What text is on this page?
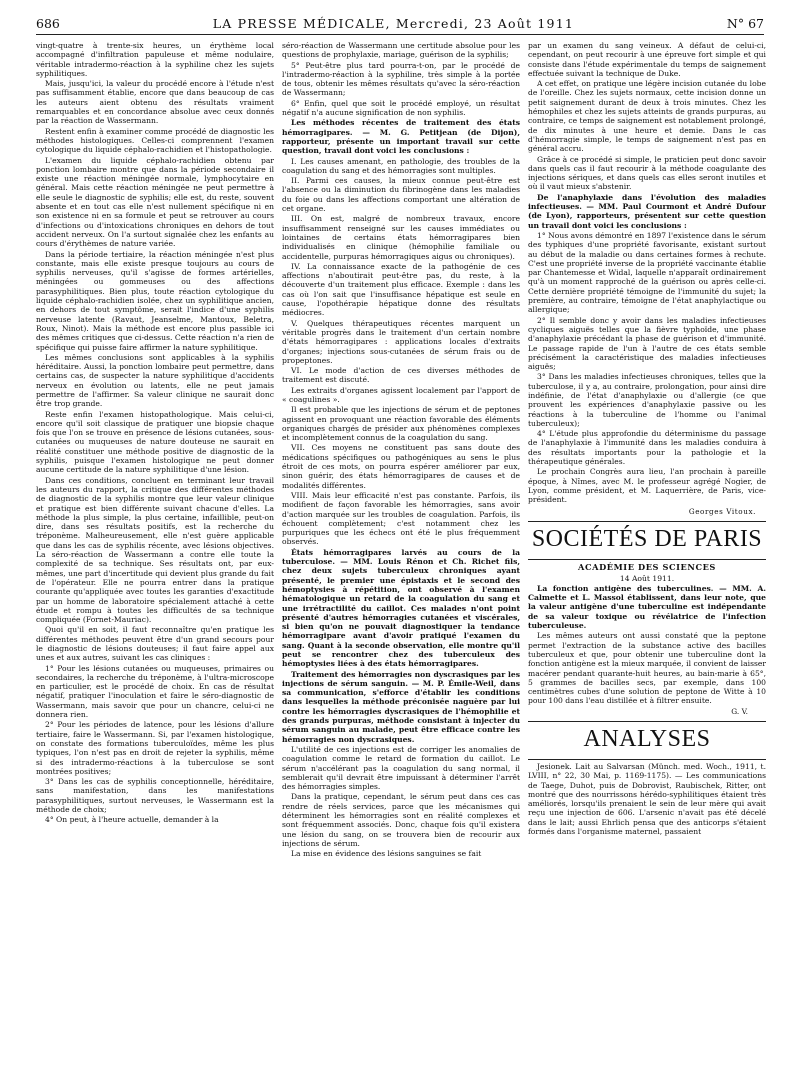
686	LA PRESSE MÉDICALE, Mercredi, 23 Août 1911	N° 67

vingt-quatre à trente-six heures, un érythème local accompagné d'infiltration papuleuse et même nodulaire, véritable intradermo-réaction à la syphiline chez les sujets syphilitiques.

Mais, jusqu'ici, la valeur du procédé encore à l'étude n'est pas suffisamment établie, encore que dans beaucoup de cas les auteurs aient obtenu des résultats vraiment remarquables et en concordance absolue avec ceux donnés par la réaction de Wassermann.

Restent enfin à examiner comme procédé de diagnostic les méthodes histologiques. Celles-ci comprennent l'examen cytologique du liquide céphalo-rachidien et l'histopathologie.

L'examen du liquide céphalo-rachidien obtenu par ponction lombaire montre que dans la période secondaire il existe une réaction méningée normale, lymphocytaire en général. Mais cette réaction méningée ne peut permettre à elle seule le diagnostic de syphilis; elle est, du reste, souvent absente et en tout cas elle n'est nullement spécifique ni en son existence ni en sa formule et peut se retrouver au cours d'infections ou d'intoxications chroniques en dehors de tout accident nerveux. On l'a surtout signalée chez les enfants au cours d'érythèmes de nature variée.

Dans la période tertiaire, la réaction méningée n'est plus constante, mais elle existe presque toujours au cours de syphilis nerveuses, qu'il s'agisse de formes artérielles, méningées ou gommeuses ou des affections parasyphilitiques. Bien plus, toute réaction cytologique du liquide céphalo-rachidien isolée, chez un syphilitique ancien, en dehors de tout symptôme, serait l'indice d'une syphilis nerveuse latente (Ravaut, Jeanselme, Mantoux, Beletra, Roux, Ninot). Mais la méthode est encore plus passible ici des mêmes critiques que ci-dessus. Cette réaction n'a rien de spécifique qui puisse faire affirmer la nature syphilitique.

Les mêmes conclusions sont applicables à la syphilis héréditaire. Aussi, la ponction lombaire peut permettre, dans certains cas, de suspecter la nature syphilitique d'accidents nerveux en évolution ou latents, elle ne peut jamais permettre de l'affirmer. Sa valeur clinique ne saurait donc être trop grande.

Reste enfin l'examen histopathologique. Mais celui-ci, encore qu'il soit classique de pratiquer une biopsie chaque fois que l'on se trouve en présence de lésions cutanées, sous-cutanées ou muqueuses de nature douteuse ne saurait en réalité constituer une méthode positive de diagnostic de la syphilis, puisque l'examen histologique ne peut donner aucune certitude de la nature syphilitique d'une lésion.

Dans ces conditions, concluent en terminant leur travail les auteurs du rapport, la critique des différentes méthodes de diagnostic de la syphilis montre que leur valeur clinique et pratique est bien différente suivant chacune d'elles. La méthode la plus simple, la plus certaine, infaillible, peut-on dire, dans ses résultats positifs, est la recherche du tréponème. Malheureusement, elle n'est guère applicable que dans les cas de syphilis récente, avec lésions objectives. La séro-réaction de Wassermann a contre elle toute la complexité de sa technique. Ses résultats ont, par eux-mêmes, une part d'incertitude qui devient plus grande du fait de l'opérateur. Elle ne pourra entrer dans la pratique courante qu'appliquée avec toutes les garanties d'exactitude par un homme de laboratoire spécialement attaché à cette étude et rompu à toutes les difficultés de sa technique compliquée (Fornet-Mauriac).

Quoi qu'il en soit, il faut reconnaître qu'en pratique les différentes méthodes peuvent être d'un grand secours pour le diagnostic de lésions douteuses; il faut faire appel aux unes et aux autres, suivant les cas cliniques :

1° Pour les lésions cutanées ou muqueuses, primaires ou secondaires, la recherche du tréponème, à l'ultra-microscope en particulier, est le procédé de choix. En cas de résultat négatif, pratiquer l'inoculation et faire le séro-diagnostic de Wassermann, mais savoir que pour un chancre, celui-ci ne donnera rien.

2° Pour les périodes de latence, pour les lésions d'allure tertiaire, faire le Wassermann. Si, par l'examen histologique, on constate des formations tuberculoïdes, même les plus typiques, l'on n'est pas en droit de rejeter la syphilis, même si des intradermo-réactions à la tuberculose se sont montrées positives;

3° Dans les cas de syphilis conceptionnelle, héréditaire, sans manifestation, dans les manifestations parasyphilitiques, surtout nerveuses, le Wassermann est la méthode de choix;

4° On peut, à l'heure actuelle, demander à la

séro-réaction de Wassermann une certitude absolue pour les questions de prophylaxie, mariage, guérison de la syphilis;

5° Peut-être plus tard pourra-t-on, par le procédé de l'intradermo-réaction à la syphiline, très simple à la portée de tous, obtenir les mêmes résultats qu'avec la séro-réaction de Wassermann;

6° Enfin, quel que soit le procédé employé, un résultat négatif n'a aucune signification de non syphilis.

Les méthodes récentes de traitement des états hémorragipares. — M. G. Petitjean (de Dijon), rapporteur, présente un important travail sur cette question, travail dont voici les conclusions :

I. Les causes amenant, en pathologie, des troubles de la coagulation du sang et des hémorragies sont multiples.

II. Parmi ces causes, la mieux connue peut-être est l'absence ou la diminution du fibrinogène dans les maladies du foie ou dans les affections comportant une altération de cet organe.

III. On est, malgré de nombreux travaux, encore insuffisamment renseigné sur les causes immédiates ou lointaines de certains états hémorragipares bien individualisés en clinique (hémophilie familiale ou accidentelle, purpuras hémorragiques aigus ou chroniques).

IV. La connaissance exacte de la pathogénie de ces affections n'aboutirait peut-être pas, du reste, à la découverte d'un traitement plus efficace. Exemple : dans les cas où l'on sait que l'insuffisance hépatique est seule en cause, l'opothérapie hépatique donne des résultats médiocres.

V. Quelques thérapeutiques récentes marquent un véritable progrès dans le traitement d'un certain nombre d'états hémorragipares : applications locales d'extraits d'organes; injections sous-cutanées de sérum frais ou de propeptones.

VI. Le mode d'action de ces diverses méthodes de traitement est discuté.

Les extraits d'organes agissent localement par l'apport de « coagulines ».

Il est probable que les injections de sérum et de peptones agissent en provoquant une réaction favorable des éléments organiques chargés de présider aux phénomènes complexes et incomplètement connus de la coagulation du sang.

VII. Ces moyens ne constituent pas sans doute des médications spécifiques ou pathogéniques au sens le plus étroit de ces mots, on pourra espérer améliorer par eux, sinon guérir, des états hémorragipares de causes et de modalités différentes.

VIII. Mais leur efficacité n'est pas constante. Parfois, ils modifient de façon favorable les hémorragies, sans avoir d'action marquée sur les troubles de coagulation. Parfois, ils échouent complètement; c'est notamment chez les purpuriques que les échecs ont été le plus fréquemment observés.

États hémorragipares larvés au cours de la tuberculose. — MM. Louis Rénon et Ch. Richet fils, chez deux sujets tuberculeux chroniques ayant présenté, le premier une épistaxis et le second des hémoptysies à répétition, ont observé à l'examen hématologique un retard de la coagulation du sang et une irrétractilité du caillot. Ces malades n'ont point présenté d'autres hémorragies cutanées et viscérales, si bien qu'on ne pouvait diagnostiquer la tendance hémorragipare avant d'avoir pratiqué l'examen du sang. Quant à la seconde observation, elle montre qu'il peut se rencontrer chez des tuberculeux des hémoptysies liées à des états hémorragipares.

Traitement des hémorragies non dyscrasiques par les injections de sérum sanguin. — M. P. Émile-Weil, dans sa communication, s'efforce d'établir les conditions dans lesquelles la méthode préconisée naguère par lui contre les hémorragies dyscrasiques de l'hémophilie et des grands purpuras, méthode consistant à injecter du sérum sanguin au malade, peut être efficace contre les hémorragies non dyscrasiques.

L'utilité de ces injections est de corriger les anomalies de coagulation comme le retard de formation du caillot. Le sérum n'accélérant pas la coagulation du sang normal, il semblerait qu'il devrait être impuissant à déterminer l'arrêt des hémorragies simples.

Dans la pratique, cependant, le sérum peut dans ces cas rendre de réels services, parce que les mécanismes qui déterminent les hémorragies sont en réalité complexes et sont fréquemment associés. Donc, chaque fois qu'il existera une lésion du sang, on se trouvera bien de recourir aux injections de sérum.

La mise en évidence des lésions sanguines se fait

par un examen du sang veineux. A défaut de celui-ci, cependant, on peut recourir à une épreuve fort simple et qui consiste dans l'étude expérimentale du temps de saignement effectuée suivant la technique de Duke.

A cet effet, on pratique une légère incision cutanée du lobe de l'oreille. Chez les sujets normaux, cette incision donne un petit saignement durant de deux à trois minutes. Chez les hémophiles et chez les sujets atteints de grands purpuras, au contraire, ce temps de saignement est notablement prolongé, de dix minutes à une heure et demie. Dans le cas d'hémorragie simple, le temps de saignement n'est pas en général accru.

Grâce à ce procédé si simple, le praticien peut donc savoir dans quels cas il faut recourir à la méthode coagulante des injections sériques, et dans quels cas elles seront inutiles et où il vaut mieux s'abstenir.

De l'anaphylaxie dans l'évolution des maladies infectieuses. — MM. Paul Courmont et André Dufour (de Lyon), rapporteurs, présentent sur cette question un travail dont voici les conclusions :

1° Nous avons démontré en 1897 l'existence dans le sérum des typhiques d'une propriété favorisante, existant surtout au début de la maladie ou dans certaines formes à rechute. C'est une propriété inverse de la propriété vaccinante établie par Chantemesse et Widal, laquelle n'apparaît ordinairement qu'à un moment rapproché de la guérison ou après celle-ci. Cette dernière propriété témoigne de l'immunité du sujet; la première, au contraire, témoigne de l'état anaphylactique ou allergique;

2° Il semble donc y avoir dans les maladies infectieuses cycliques aiguës telles que la fièvre typhoïde, une phase d'anaphylaxie précédant la phase de guérison et d'immunité. Le passage rapide de l'un à l'autre de ces états semble précisément la caractéristique des maladies infectieuses aiguës;

3° Dans les maladies infectieuses chroniques, telles que la tuberculose, il y a, au contraire, prolongation, pour ainsi dire indéfinie, de l'état d'anaphylaxie ou d'allergie (ce que prouvent les expériences d'anaphylaxie passive ou les réactions à la tuberculine de l'homme ou l'animal tuberculeux);

4° L'étude plus approfondie du déterminisme du passage de l'anaphylaxie à l'immunité dans les maladies conduira à des résultats importants pour la pathologie et la thérapeutique générales.

Le prochain Congrès aura lieu, l'an prochain à pareille époque, à Nîmes, avec M. le professeur agrégé Nogier, de Lyon, comme président, et M. Laquerrière, de Paris, vice-président.

Georges Vitoux.
SOCIÉTÉS DE PARIS
ACADÉMIE DES SCIENCES
14 Août 1911.

La fonction antigène des tuberculines. — MM. A. Calmette et L. Massol établissent, dans leur note, que la valeur antigène d'une tuberculine est indépendante de sa valeur toxique ou révélatrice de l'infection tuberculeuse.

Les mêmes auteurs ont aussi constaté que la peptone permet l'extraction de la substance active des bacilles tuberculeux et que, pour obtenir une tuberculine dont la fonction antigène est la mieux marquée, il convient de laisser macérer pendant quarante-huit heures, au bain-marie à 65°, 5 grammes de bacilles secs, par exemple, dans 100 centimètres cubes d'une solution de peptone de Witte à 10 pour 100 dans l'eau distillée et à filtrer ensuite.

G. V.
ANALYSES

Jesionek. Lait au Salvarsan (Münch. med. Woch., 1911, t. LVIII, n° 22, 30 Mai, p. 1169-1175). — Les communications de Taege, Duhot, puis de Dobrovist, Raubischek, Ritter, ont montré que des nourrissons hérédo-syphilitiques étaient très améliorés, lorsqu'ils prenaient le sein de leur mère qui avait reçu une injection de 606. L'arsenic n'avait pas été décelé dans le lait; aussi Ehrlich pensa que des anticorps s'étaient formés dans l'organisme maternel, passaient
